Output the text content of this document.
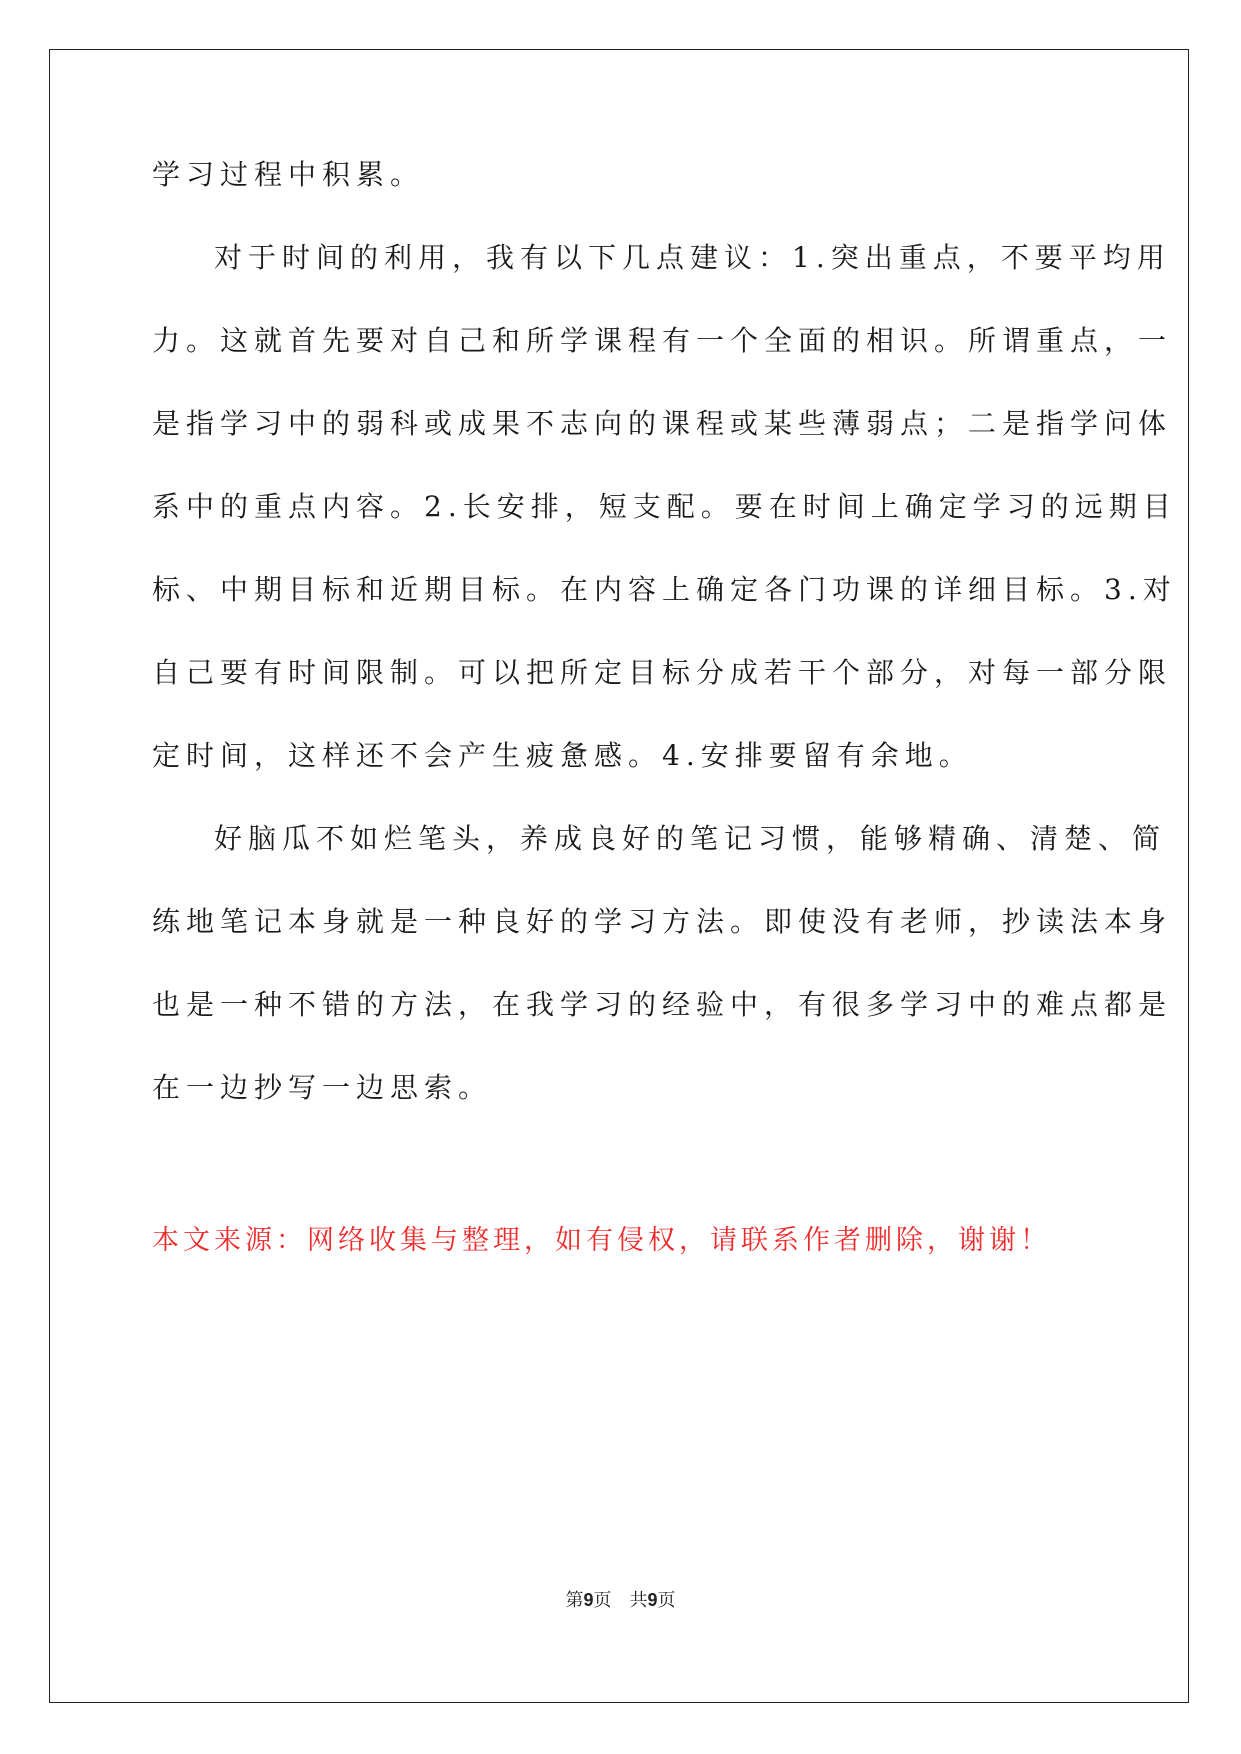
学习过程中积累。

对于时间的利用，我有以下几点建议：1.突出重点，不要平均用

力。这就首先要对自己和所学课程有一个全面的相识。所谓重点，一

是指学习中的弱科或成果不志向的课程或某些薄弱点；二是指学问体

系中的重点内容。2.长安排，短支配。要在时间上确定学习的远期目

标、中期目标和近期目标。在内容上确定各门功课的详细目标。3.对

自己要有时间限制。可以把所定目标分成若干个部分，对每一部分限

定时间，这样还不会产生疲惫感。4.安排要留有余地。

好脑瓜不如烂笔头，养成良好的笔记习惯，能够精确、清楚、简

练地笔记本身就是一种良好的学习方法。即使没有老师，抄读法本身

也是一种不错的方法，在我学习的经验中，有很多学习中的难点都是

在一边抄写一边思索。

本文来源：网络收集与整理，如有侵权，请联系作者删除，谢谢！
第9页 共9页
